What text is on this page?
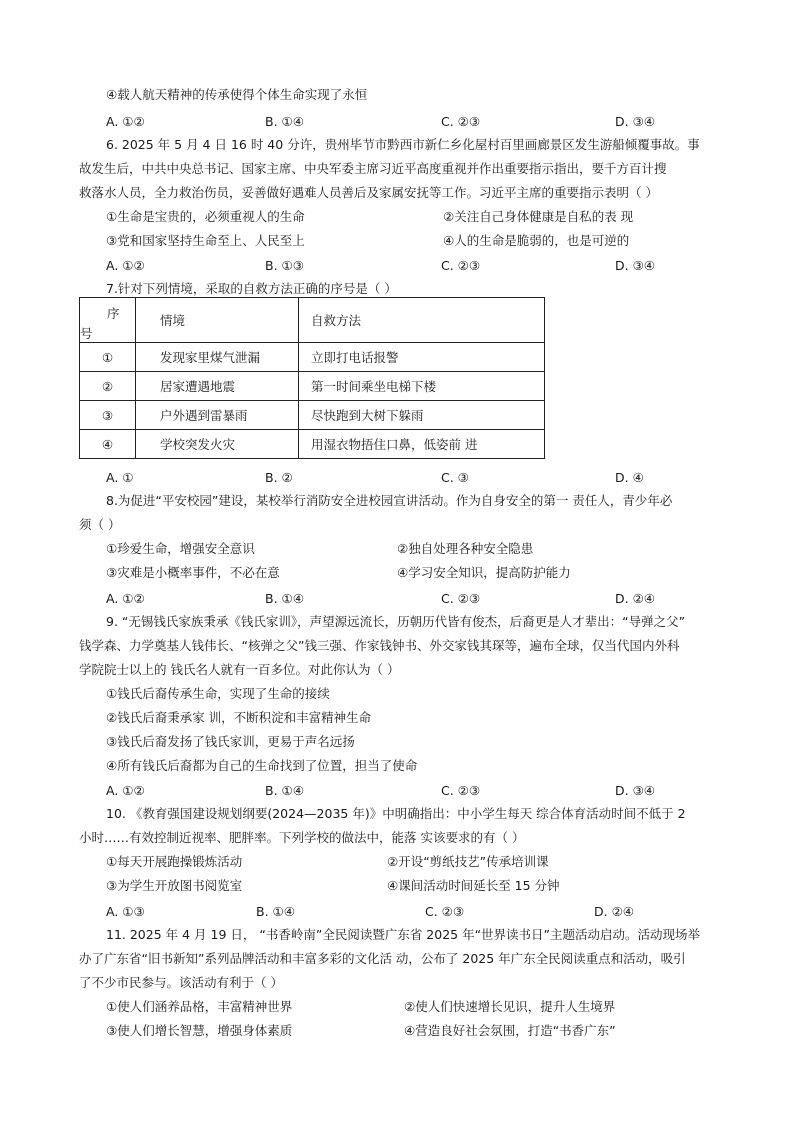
④载人航天精神的传承使得个体生命实现了永恒
A. ①②	B. ①④	C. ②③	D. ③④
6. 2025 年 5 月 4 日 16 时 40 分许，贵州毕节市黔西市新仁乡化屋村百里画廊景区发生游船倾覆事故。事
故发生后，中共中央总书记、国家主席、中央军委主席习近平高度重视并作出重要指示指出，要千方百计搜
救落水人员，全力救治伤员，妥善做好遇难人员善后及家属安抚等工作。习近平主席的重要指示表明（ ）
①生命是宝贵的，必须重视人的生命	②关注自己身体健康是自私的表 现
③党和国家坚持生命至上、人民至上	④人的生命是脆弱的，也是可逆的
A. ①②	B. ①③	C. ②③	D. ③④
7.针对下列情境，采取的自救方法正确的序号是（ ）
序
号	情境	自救方法
①	发现家里煤气泄漏	立即打电话报警
②	居家遭遇地震	第一时间乘坐电梯下楼
③	户外遇到雷暴雨	尽快跑到大树下躲雨
④	学校突发火灾	用湿衣物捂住口鼻，低姿前 进
A. ①	B. ②	C. ③	D. ④
8.为促进“平安校园”建设，某校举行消防安全进校园宣讲活动。作为自身安全的第一 责任人，青少年必
须（ ）
①珍爱生命，增强安全意识	②独自处理各种安全隐患
③灾难是小概率事件，不必在意	④学习安全知识，提高防护能力
A. ①②	B. ①④	C. ②③	D. ②④
9. “无锡钱氏家族秉承《钱氏家训》，声望源远流长，历朝历代皆有俊杰，后裔更是人才辈出：“导弹之父”
钱学森、力学奠基人钱伟长、“核弹之父”钱三强、作家钱钟书、外交家钱其琛等，遍布全球，仅当代国内外科
学院院士以上的 钱氏名人就有一百多位。对此你认为（ ）
①钱氏后裔传承生命，实现了生命的接续
②钱氏后裔秉承家 训，不断积淀和丰富精神生命
③钱氏后裔发扬了钱氏家训，更易于声名远扬
④所有钱氏后裔都为自己的生命找到了位置，担当了使命
A. ①②	B. ①④	C. ②③	D. ③④
10. 《教育强国建设规划纲要(2024—2035 年)》中明确指出：中小学生每天 综合体育活动时间不低于 2
小时……有效控制近视率、肥胖率。下列学校的做法中，能落 实该要求的有（ ）
①每天开展跑操锻炼活动	②开设“剪纸技艺”传承培训课
③为学生开放图书阅览室	④课间活动时间延长至 15 分钟
A. ①③	B. ①④	C. ②③	D. ②④
11. 2025 年 4 月 19 日， “书香岭南”全民阅读暨广东省 2025 年“世界读书日”主题活动启动。活动现场举
办了广东省“旧书新知”系列品牌活动和丰富多彩的文化活 动，公布了 2025 年广东全民阅读重点和活动，吸引
了不少市民参与。该活动有利于（ ）
①使人们涵养品格，丰富精神世界	②使人们快速增长见识，提升人生境界
③使人们增长智慧，增强身体素质	④营造良好社会氛围，打造“书香广东”
